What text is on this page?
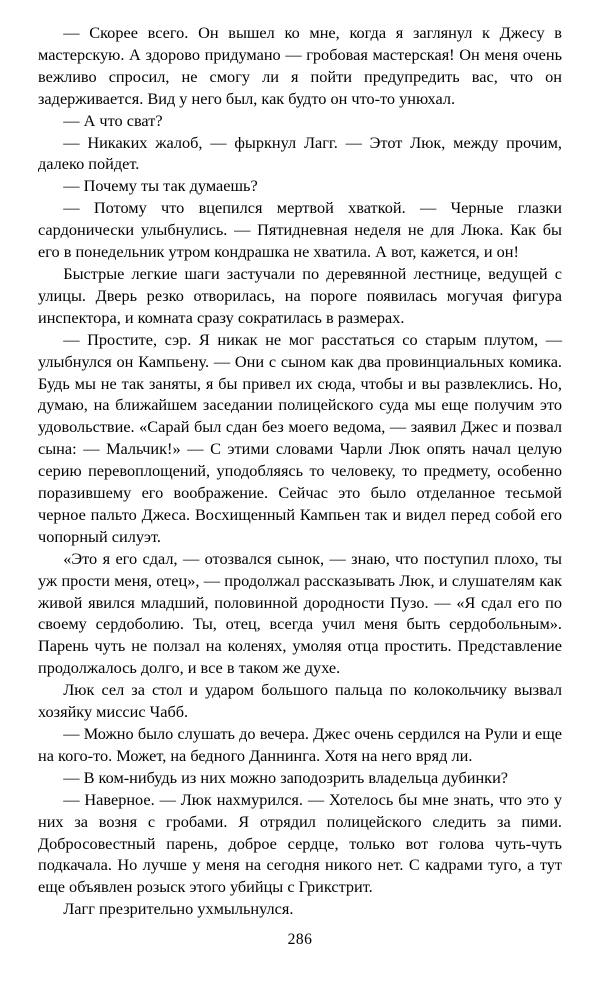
— Скорее всего. Он вышел ко мне, когда я заглянул к Джесу в мастерскую. А здорово придумано — гробовая мастерская! Он меня очень вежливо спросил, не смогу ли я пойти предупредить вас, что он задерживается. Вид у него был, как будто он что-то унюхал.

— А что сват?

— Никаких жалоб, — фыркнул Лагг. — Этот Люк, между прочим, далеко пойдет.

— Почему ты так думаешь?

— Потому что вцепился мертвой хваткой. — Черные глазки сардонически улыбнулись. — Пятидневная неделя не для Люка. Как бы его в понедельник утром кондрашка не хватила. А вот, кажется, и он!

Быстрые легкие шаги застучали по деревянной лестнице, ведущей с улицы. Дверь резко отворилась, на пороге появилась могучая фигура инспектора, и комната сразу сократилась в размерах.

— Простите, сэр. Я никак не мог расстаться со старым плутом, — улыбнулся он Кампьену. — Они с сыном как два провинциальных комика. Будь мы не так заняты, я бы привел их сюда, чтобы и вы развлеклись. Но, думаю, на ближайшем заседании полицейского суда мы еще получим это удовольствие. «Сарай был сдан без моего ведома, — заявил Джес и позвал сына: — Мальчик!» — С этими словами Чарли Люк опять начал целую серию перевоплощений, уподобляясь то человеку, то предмету, особенно поразившему его воображение. Сейчас это было отделанное тесьмой черное пальто Джеса. Восхищенный Кампьен так и видел перед собой его чопорный силуэт.

«Это я его сдал, — отозвался сынок, — знаю, что поступил плохо, ты уж прости меня, отец», — продолжал рассказывать Люк, и слушателям как живой явился младший, половинной дородности Пузо. — «Я сдал его по своему сердоболию. Ты, отец, всегда учил меня быть сердобольным». Парень чуть не ползал на коленях, умоляя отца простить. Представление продолжалось долго, и все в таком же духе.

Люк сел за стол и ударом большого пальца по колокольчику вызвал хозяйку миссис Чабб.

— Можно было слушать до вечера. Джес очень сердился на Рули и еще на кого-то. Может, на бедного Даннинга. Хотя на него вряд ли.

— В ком-нибудь из них можно заподозрить владельца дубинки?

— Наверное. — Люк нахмурился. — Хотелось бы мне знать, что это у них за возня с гробами. Я отрядил полицейского следить за пими. Добросовестный парень, доброе сердце, только вот голова чуть-чуть подкачала. Но лучше у меня на сегодня никого нет. С кадрами туго, а тут еще объявлен розыск этого убийцы с Грикстрит.

Лагг презрительно ухмыльнулся.

286
